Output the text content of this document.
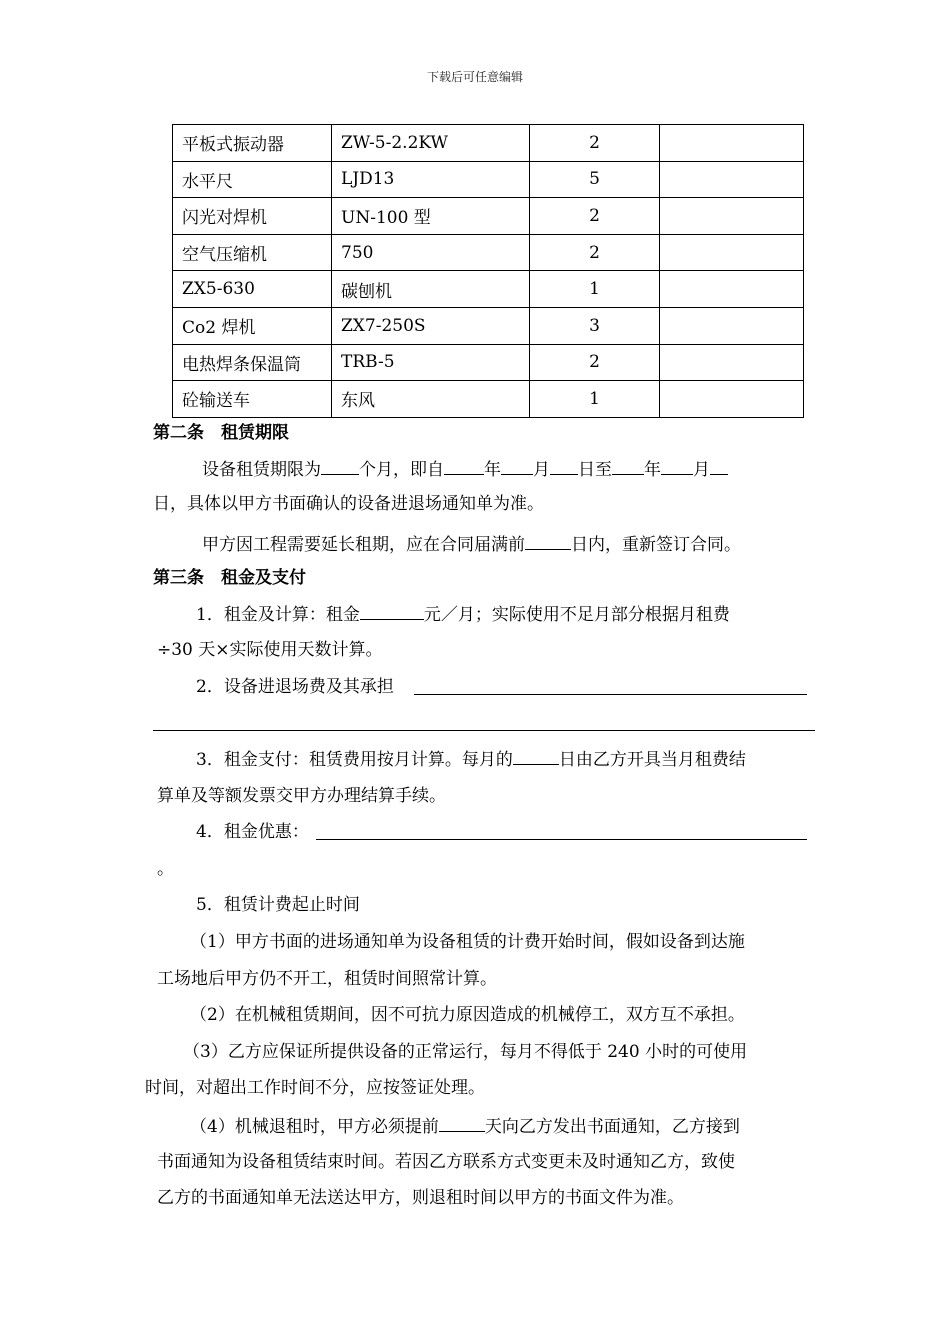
下载后可任意编辑
平板式振动器	ZW-5-2.2KW	2	
水平尺	LJD13	5	
闪光对焊机	UN-100 型	2	
空气压缩机	750	2	
ZX5-630	碳刨机	1	
Co2 焊机	ZX7-250S	3	
电热焊条保温筒	TRB-5	2	
砼输送车	东风	1	
第二条　租赁期限
设备租赁期限为 个月，即自 年 月 日至 年 月
日，具体以甲方书面确认的设备进退场通知单为准。
甲方因工程需要延长租期，应在合同届满前	日内，重新签订合同。
第三条　租金及支付
1．租金及计算：租金	元／月；实际使用不足月部分根据月租费
÷30 天×实际使用天数计算。
2．设备进退场费及其承担
3．租金支付：租赁费用按月计算。每月的	日由乙方开具当月租费结
算单及等额发票交甲方办理结算手续。
4．租金优惠：
。
5．租赁计费起止时间
（1）甲方书面的进场通知单为设备租赁的计费开始时间，假如设备到达施
工场地后甲方仍不开工，租赁时间照常计算。
（2）在机械租赁期间，因不可抗力原因造成的机械停工，双方互不承担。
（3）乙方应保证所提供设备的正常运行，每月不得低于 240 小时的可使用
时间，对超出工作时间不分，应按签证处理。
（4）机械退租时，甲方必须提前	天向乙方发出书面通知，乙方接到
书面通知为设备租赁结束时间。若因乙方联系方式变更未及时通知乙方，致使
乙方的书面通知单无法送达甲方，则退租时间以甲方的书面文件为准。
